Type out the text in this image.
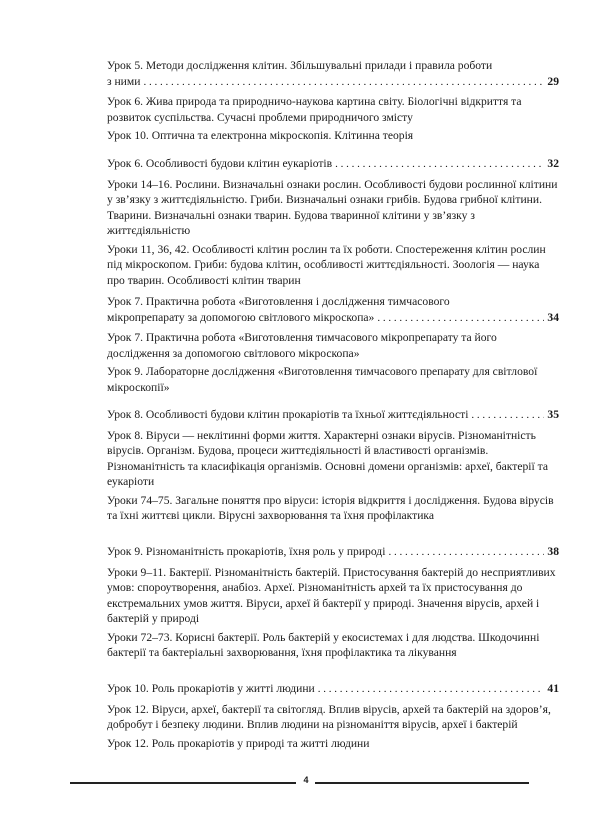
Урок 5. Методи дослідження клітин. Збільшувальні прилади і правила роботи
з ними . . .	29
Урок 6. Жива природа та природничо-наукова картина світу. Біологічні відкриття та розвиток суспільства. Сучасні проблеми природничого змісту
Урок 10. Оптична та електронна мікроскопія. Клітинна теорія
Урок 6. Особливості будови клітин еукаріотів . . .	32
Уроки 14–16. Рослини. Визначальні ознаки рослин. Особливості будови рослинної клітини у зв’язку з життєдіяльністю. Гриби. Визначальні ознаки грибів. Будова грибної клітини. Тварини. Визначальні ознаки тварин. Будова тваринної клітини у зв’язку з життєдіяльністю
Уроки 11, 36, 42. Особливості клітин рослин та їх роботи. Спостереження клітин рослин під мікроскопом. Гриби: будова клітин, особливості життєдіяльності. Зоологія — наука про тварин. Особливості клітин тварин
Урок 7. Практична робота «Виготовлення і дослідження тимчасового
мікропрепарату за допомогою світлового мікроскопа» . . .	34
Урок 7. Практична робота «Виготовлення тимчасового мікропрепарату та його дослідження за допомогою світлового мікроскопа»
Урок 9. Лабораторне дослідження «Виготовлення тимчасового препарату для світлової мікроскопії»
Урок 8. Особливості будови клітин прокаріотів та їхньої життєдіяльності . . .	35
Урок 8. Віруси — неклітинні форми життя. Характерні ознаки вірусів. Різноманітність вірусів. Організм. Будова, процеси життєдіяльності й властивості організмів. Різноманітність та класифікація організмів. Основні домени організмів: археї, бактерії та еукаріоти
Уроки 74–75. Загальне поняття про віруси: історія відкриття і дослідження. Будова вірусів та їхні життєві цикли. Вірусні захворювання та їхня профілактика
Урок 9. Різноманітність прокаріотів, їхня роль у природі . . .	38
Уроки 9–11. Бактерії. Різноманітність бактерій. Пристосування бактерій до несприятливих умов: спороутворення, анабіоз. Археї. Різноманітність архей та їх пристосування до екстремальних умов життя. Віруси, археї й бактерії у природі. Значення вірусів, архей і бактерій у природі
Уроки 72–73. Корисні бактерії. Роль бактерій у екосистемах і для людства. Шкодочинні бактерії та бактеріальні захворювання, їхня профілактика та лікування
Урок 10. Роль прокаріотів у житті людини . . .	41
Урок 12. Віруси, археї, бактерії та світогляд. Вплив вірусів, архей та бактерій на здоров’я, добробут і безпеку людини. Вплив людини на різноманіття вірусів, археї і бактерій
Урок 12. Роль прокаріотів у природі та житті людини
4
